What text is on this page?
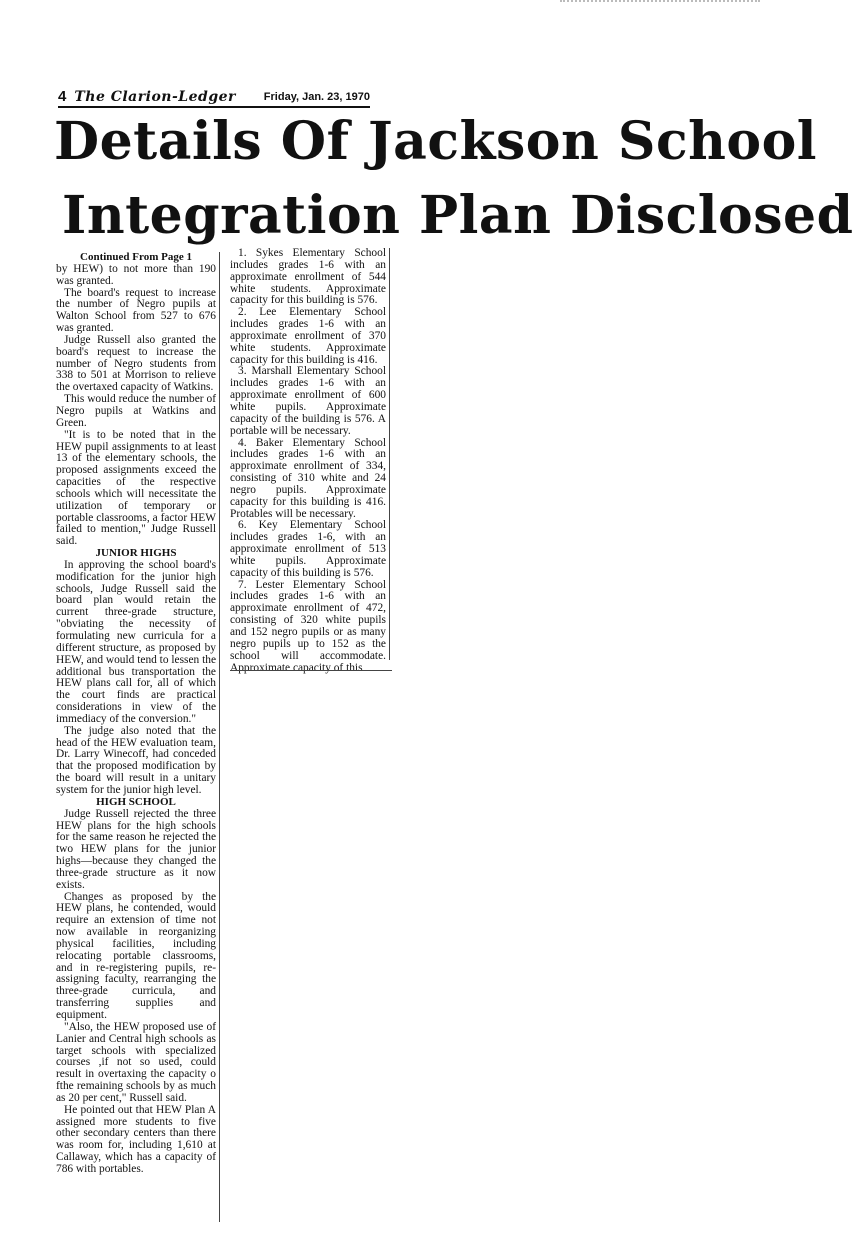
4 The Clarion-Ledger	Friday, Jan. 23, 1970
Details Of Jackson School
Integration Plan Disclosed

Continued From Page 1

by HEW) to not more than 190 was granted.

The board's request to increase the number of Negro pupils at Walton School from 527 to 676 was granted.

Judge Russell also granted the board's request to increase the number of Negro students from 338 to 501 at Morrison to relieve the overtaxed capacity of Watkins.

This would reduce the number of Negro pupils at Watkins and Green.

"It is to be noted that in the HEW pupil assignments to at least 13 of the elementary schools, the proposed assignments exceed the capacities of the respective schools which will necessitate the utilization of temporary or portable classrooms, a factor HEW failed to mention," Judge Russell said.

JUNIOR HIGHS

In approving the school board's modification for the junior high schools, Judge Russell said the board plan would retain the current three-grade structure, "obviating the necessity of formulating new curricula for a different structure, as proposed by HEW, and would tend to lessen the additional bus transportation the HEW plans call for, all of which the court finds are practical considerations in view of the immediacy of the conversion."

The judge also noted that the head of the HEW evaluation team, Dr. Larry Winecoff, had conceded that the proposed modification by the board will result in a unitary system for the junior high level.

HIGH SCHOOL

Judge Russell rejected the three HEW plans for the high schools for the same reason he rejected the two HEW plans for the junior highs—because they changed the three-grade structure as it now exists.

Changes as proposed by the HEW plans, he contended, would require an extension of time not now available in reorganizing physical facilities, including relocating portable classrooms, and in re-registering pupils, re-assigning faculty, rearranging the three-grade curricula, and transferring supplies and equipment.

"Also, the HEW proposed use of Lanier and Central high schools as target schools with specialized courses ,if not so used, could result in overtaxing the capacity o fthe remaining schools by as much as 20 per cent," Russell said.

He pointed out that HEW Plan A assigned more students to five other secondary centers than there was room for, including 1,610 at Callaway, which has a capacity of 786 with portables.

1. Sykes Elementary School includes grades 1-6 with an approximate enrollment of 544 white students. Approximate capacity for this building is 576.

2. Lee Elementary School includes grades 1-6 with an approximate enrollment of 370 white students. Approximate capacity for this building is 416.

3. Marshall Elementary School includes grades 1-6 with an approximate enrollment of 600 white pupils. Approximate capacity of the building is 576. A portable will be necessary.

4. Baker Elementary School includes grades 1-6 with an approximate enrollment of 334, consisting of 310 white and 24 negro pupils. Approximate capacity for this building is 416. Protables will be necessary.

6. Key Elementary School includes grades 1-6, with an approximate enrollment of 513 white pupils. Approximate capacity of this building is 576.

7. Lester Elementary School includes grades 1-6 with an approximate enrollment of 472, consisting of 320 white pupils and 152 negro pupils or as many negro pupils up to 152 as the school will accommodate. Approximate capacity of this
